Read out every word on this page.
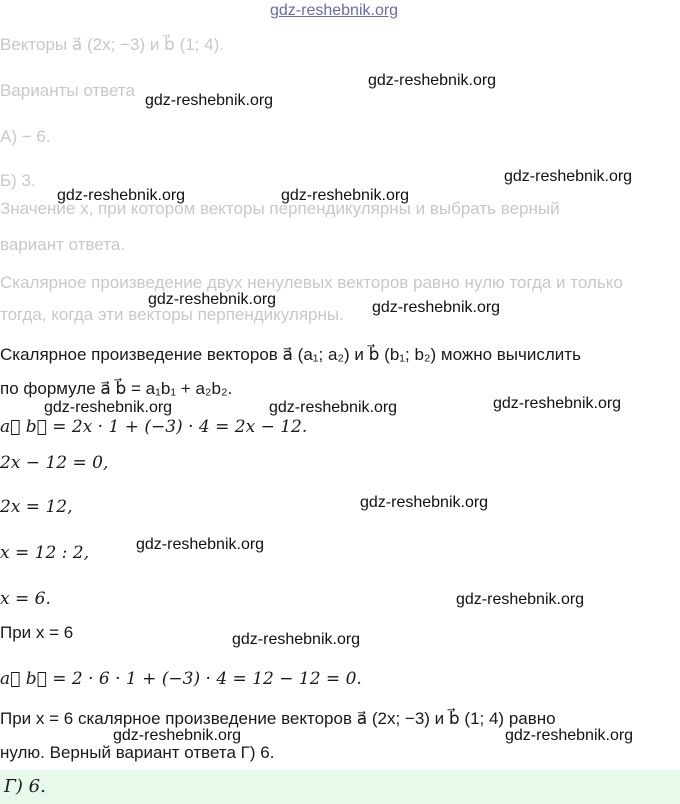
gdz-reshebnik.org
Векторы a⃗ (2x; −3) и b⃗ (1; 4).
Варианты ответа
А) − 6.
Б) 3.
Значение x, при котором векторы перпендикулярны и выбрать верный
вариант ответа.
Скалярное произведение двух ненулевых векторов равно нулю тогда и только
тогда, когда эти векторы перпендикулярны.
Скалярное произведение векторов a⃗ (a₁; a₂) и b⃗ (b₁; b₂) можно вычислить
по формуле a⃗ b⃗ = a₁b₁ + a₂b₂.
a⃗ b⃗ = 2x · 1 + (−3) · 4 = 2x − 12.
2x − 12 = 0,
2x = 12,
x = 12 : 2,
x = 6.
При x = 6
a⃗ b⃗ = 2 · 6 · 1 + (−3) · 4 = 12 − 12 = 0.
При x = 6 скалярное произведение векторов a⃗ (2x; −3) и b⃗ (1; 4) равно
нулю. Верный вариант ответа Г) 6.
gdz-reshebnik.org
gdz-reshebnik.org
gdz-reshebnik.org
gdz-reshebnik.org	gdz-reshebnik.org
gdz-reshebnik.org	gdz-reshebnik.org
gdz-reshebnik.org	gdz-reshebnik.org	gdz-reshebnik.org
gdz-reshebnik.org
gdz-reshebnik.org
gdz-reshebnik.org
gdz-reshebnik.org
gdz-reshebnik.org	gdz-reshebnik.org
Г) 6.
